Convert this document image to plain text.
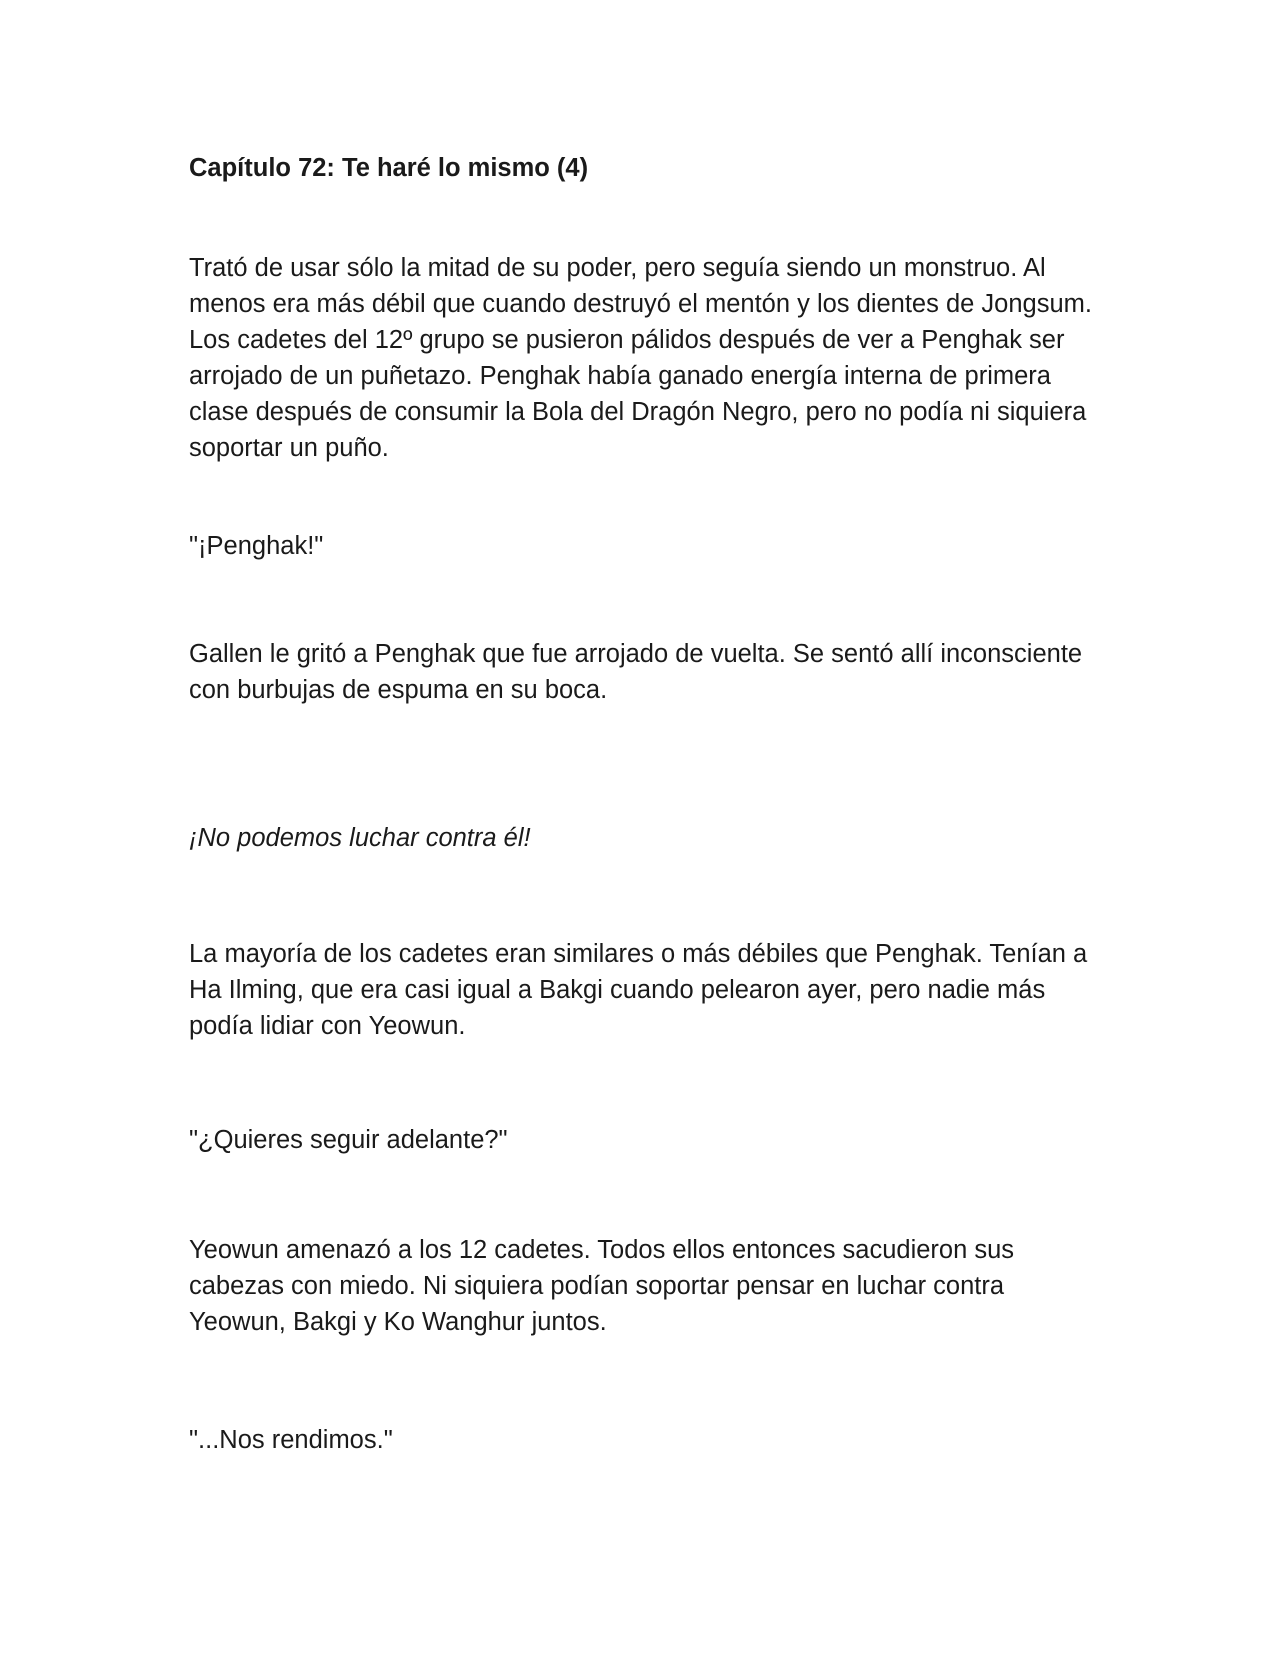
Capítulo 72: Te haré lo mismo (4)

Trató de usar sólo la mitad de su poder, pero seguía siendo un monstruo. Al menos era más débil que cuando destruyó el mentón y los dientes de Jongsum. Los cadetes del 12º grupo se pusieron pálidos después de ver a Penghak ser arrojado de un puñetazo. Penghak había ganado energía interna de primera clase después de consumir la Bola del Dragón Negro, pero no podía ni siquiera soportar un puño.

"¡Penghak!"

Gallen le gritó a Penghak que fue arrojado de vuelta. Se sentó allí inconsciente con burbujas de espuma en su boca.

¡No podemos luchar contra él!

La mayoría de los cadetes eran similares o más débiles que Penghak. Tenían a Ha Ilming, que era casi igual a Bakgi cuando pelearon ayer, pero nadie más podía lidiar con Yeowun.

"¿Quieres seguir adelante?"

Yeowun amenazó a los 12 cadetes. Todos ellos entonces sacudieron sus cabezas con miedo. Ni siquiera podían soportar pensar en luchar contra Yeowun, Bakgi y Ko Wanghur juntos.

"...Nos rendimos."
